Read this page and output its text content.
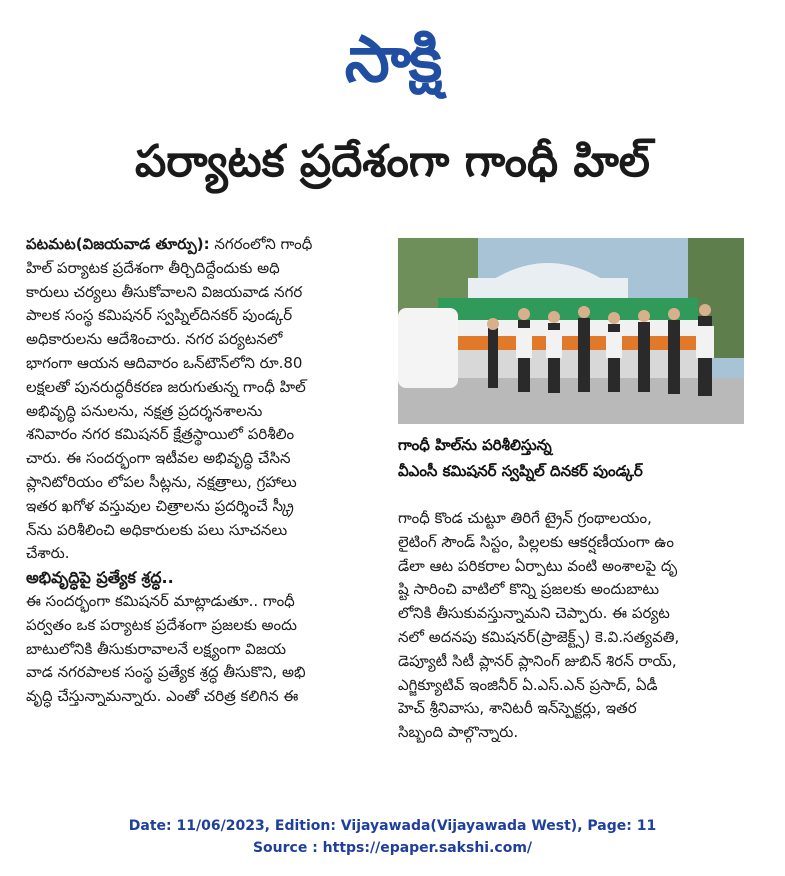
సాక్షి
పర్యాటక ప్రదేశంగా గాంధీ హిల్

పటమట(విజయవాడ తూర్పు): నగరంలోని గాంధీ

హిల్ పర్యాటక ప్రదేశంగా తీర్చిదిద్దేందుకు అధి

కారులు చర్యలు తీసుకోవాలని విజయవాడ నగర

పాలక సంస్థ కమిషనర్ స్వప్నిల్‌దినకర్ పుండ్కర్

అధికారులను ఆదేశించారు. నగర పర్యటనలో

భాగంగా ఆయన ఆదివారం ఒన్‌టౌన్‌లోని రూ.80

లక్షలతో పునరుద్ధరీకరణ జరుగుతున్న గాంధీ హిల్

అభివృద్ధి పనులను, నక్షత్ర ప్రదర్శనశాలను

శనివారం నగర కమిషనర్ క్షేత్రస్థాయిలో పరిశీలిం

చారు. ఈ సందర్భంగా ఇటీవల అభివృద్ధి చేసిన

ప్లానిటోరియం లోపల సీట్లను, నక్షత్రాలు, గ్రహాలు

ఇతర ఖగోళ వస్తువుల చిత్రాలను ప్రదర్శించే స్క్రీ

న్‌ను పరిశీలించి అధికారులకు పలు సూచనలు

చేశారు.

అభివృద్ధిపై ప్రత్యేక శ్రద్ధ..

ఈ సందర్భంగా కమిషనర్ మాట్లాడుతూ.. గాంధీ

పర్వతం ఒక పర్యాటక ప్రదేశంగా ప్రజలకు అందు

బాటులోనికి తీసుకురావాలనే లక్ష్యంగా విజయ

వాడ నగరపాలక సంస్థ ప్రత్యేక శ్రద్ధ తీసుకొని, అభి

వృద్ధి చేస్తున్నామన్నారు. ఎంతో చరిత్ర కలిగిన ఈ

గాంధీ హిల్‌ను పరిశీలిస్తున్న

వీఎంసీ కమిషనర్ స్వప్నిల్ దినకర్ పుండ్కర్

గాంధీ కొండ చుట్టూ తిరిగే ట్రైన్ గ్రంథాలయం,

లైటింగ్ సౌండ్ సిస్టం, పిల్లలకు ఆకర్షణీయంగా ఉం

డేలా ఆట పరికరాల ఏర్పాటు వంటి అంశాలపై దృ

ష్టి సారించి వాటిలో కొన్ని ప్రజలకు అందుబాటు

లోనికి తీసుకువస్తున్నామని చెప్పారు. ఈ పర్యట

నలో అదనపు కమిషనర్(ప్రాజెక్ట్స్) కె.వి.సత్యవతి,

డెప్యూటీ సిటీ ప్లానర్ ప్లానింగ్ జుబిన్ శిరన్ రాయ్,

ఎగ్జిక్యూటివ్ ఇంజినీర్ ఏ.ఎస్.ఎన్ ప్రసాద్, ఏడీ

హెచ్ శ్రీనివాసు, శానిటరీ ఇన్‌స్పెక్టర్లు, ఇతర

సిబ్బంది పాల్గొన్నారు.

Date: 11/06/2023, Edition: Vijayawada(Vijayawada West), Page: 11

Source : https://epaper.sakshi.com/
